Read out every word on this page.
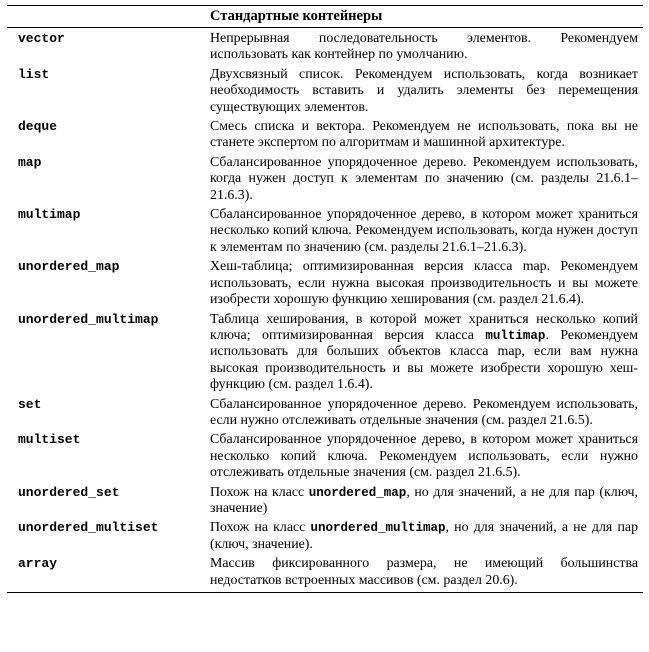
Стандартные контейнеры
vector	Непрерывная последовательность элементов. Рекомендуем использовать как контейнер по умолчанию.
list	Двухсвязный список. Рекомендуем использовать, когда возникает необходимость вставить и удалить элементы без перемещения существующих элементов.
deque	Смесь списка и вектора. Рекомендуем не использовать, пока вы не станете экспертом по алгоритмам и машинной архитектуре.
map	Сбалансированное упорядоченное дерево. Рекомендуем использовать, когда нужен доступ к элементам по значению (см. разделы 21.6.1–21.6.3).
multimap	Сбалансированное упорядоченное дерево, в котором может храниться несколько копий ключа. Рекомендуем использовать, когда нужен доступ к элементам по значению (см. разделы 21.6.1–21.6.3).
unordered_map	Хеш-таблица; оптимизированная версия класса map. Рекомендуем использовать, если нужна высокая производительность и вы можете изобрести хорошую функцию хеширования (см. раздел 21.6.4).
unordered_multimap	Таблица хеширования, в которой может храниться несколько копий ключа; оптимизированная версия класса multimap. Рекомендуем использовать для больших объектов класса map, если вам нужна высокая производительность и вы можете изобрести хорошую хеш-функцию (см. раздел 1.6.4).
set	Сбалансированное упорядоченное дерево. Рекомендуем использовать, если нужно отслеживать отдельные значения (см. раздел 21.6.5).
multiset	Сбалансированное упорядоченное дерево, в котором может храниться несколько копий ключа. Рекомендуем использовать, если нужно отслеживать отдельные значения (см. раздел 21.6.5).
unordered_set	Похож на класс unordered_map, но для значений, а не для пар (ключ, значение)
unordered_multiset	Похож на класс unordered_multimap, но для значений, а не для пар (ключ, значение).
array	Массив фиксированного размера, не имеющий большинства недостатков встроенных массивов (см. раздел 20.6).
